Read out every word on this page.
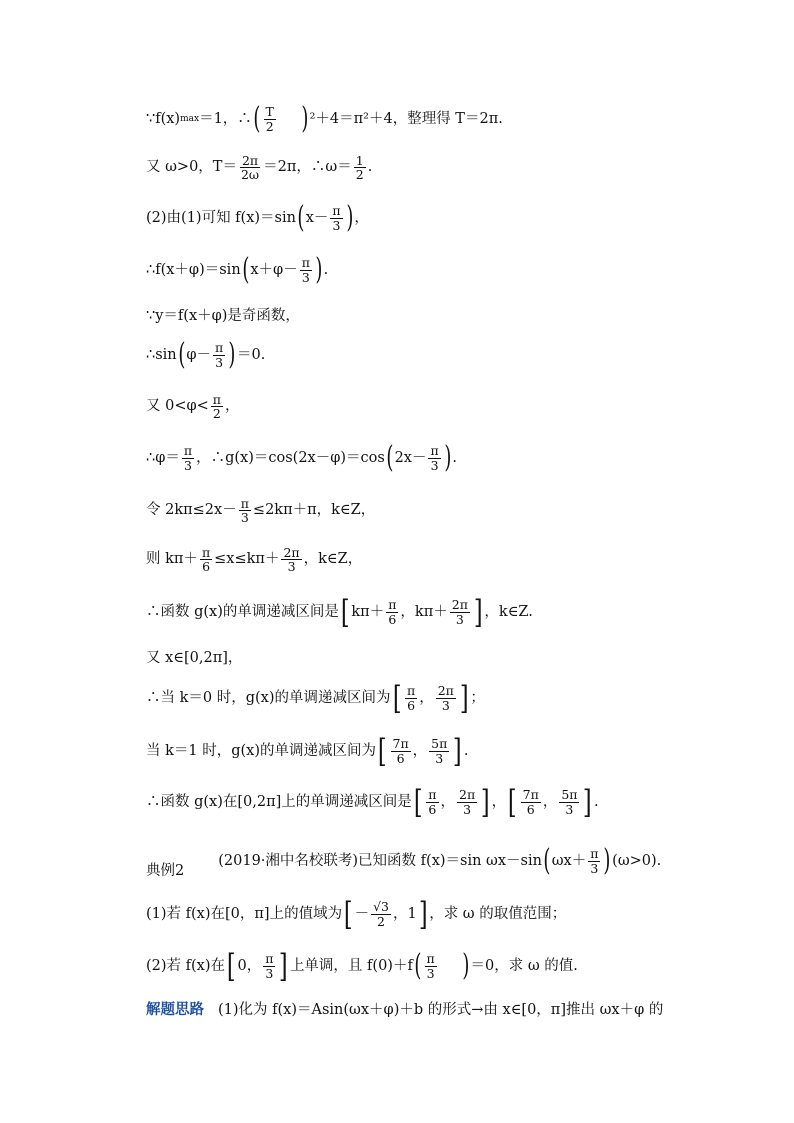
∵f(x) max ＝1，∴ ( $\frac{T}{2}$ ) ²＋4＝π²＋4，整理得 T＝2π.
又 ω>0，$T= \frac{2\pi}{2\omega} =2\pi$，∴ω＝ $\frac{1}{2}$ .
(2)由(1)可知 f(x)＝sin ( $x- \frac{\pi}{3}$ ) ，
∴f(x＋φ)＝sin ( $x+\varphi- \frac{\pi}{3}$ ) .
∵y＝f(x＋φ)是奇函数，
∴sin ( $\varphi- \frac{\pi}{3}$ ) ＝0.
又 $0<\varphi< \frac{\pi}{2}$ ，
∴φ＝ $\frac{\pi}{3}$ ，∴g(x)＝cos(2x－φ)＝cos ( $2x- \frac{\pi}{3}$ ) .
令 $2k\pi\le 2x- \frac{\pi}{3} \le 2k\pi+\pi$，k∈Z，
则 $k\pi+ \frac{\pi}{6} \le x\le k\pi+ \frac{2\pi}{3}$ ，k∈Z，
∴函数 g(x)的单调递减区间是 [ $k\pi+ \frac{\pi}{6}$ ，$k\pi+ \frac{2\pi}{3}$ ] ，k∈Z.
又 x∈[0,2π]，
∴当 k＝0 时，g(x)的单调递减区间为 [ $\frac{\pi}{6}$ ， $\frac{2\pi}{3}$ ] ；
当 k＝1 时，g(x)的单调递减区间为 [ $\frac{7\pi}{6}$ ， $\frac{5\pi}{3}$ ] .
∴函数 g(x)在[0,2π]上的单调递减区间是 [ $\frac{\pi}{6}$ ， $\frac{2\pi}{3}$ ] ， [ $\frac{7\pi}{6}$ ， $\frac{5\pi}{3}$ ] .
典例2
(2019·湘中名校联考)已知函数 f(x)＝sin ωx－sin ( $\omega x+ \frac{\pi}{3}$ ) (ω>0).
(1)若 f(x)在[0，π]上的值域为 [ － $\frac{√3}{2}$ ，1 ] ，求 ω 的取值范围；
(2)若 f(x)在 [ 0， $\frac{\pi}{3}$ ] 上单调，且 f(0)＋f ( $\frac{\pi}{3}$ ) ＝0，求 ω 的值.
解题思路 (1)化为 f(x)＝Asin(ωx＋φ)＋b 的形式→由 x∈[0，π]推出 ωx＋φ 的
